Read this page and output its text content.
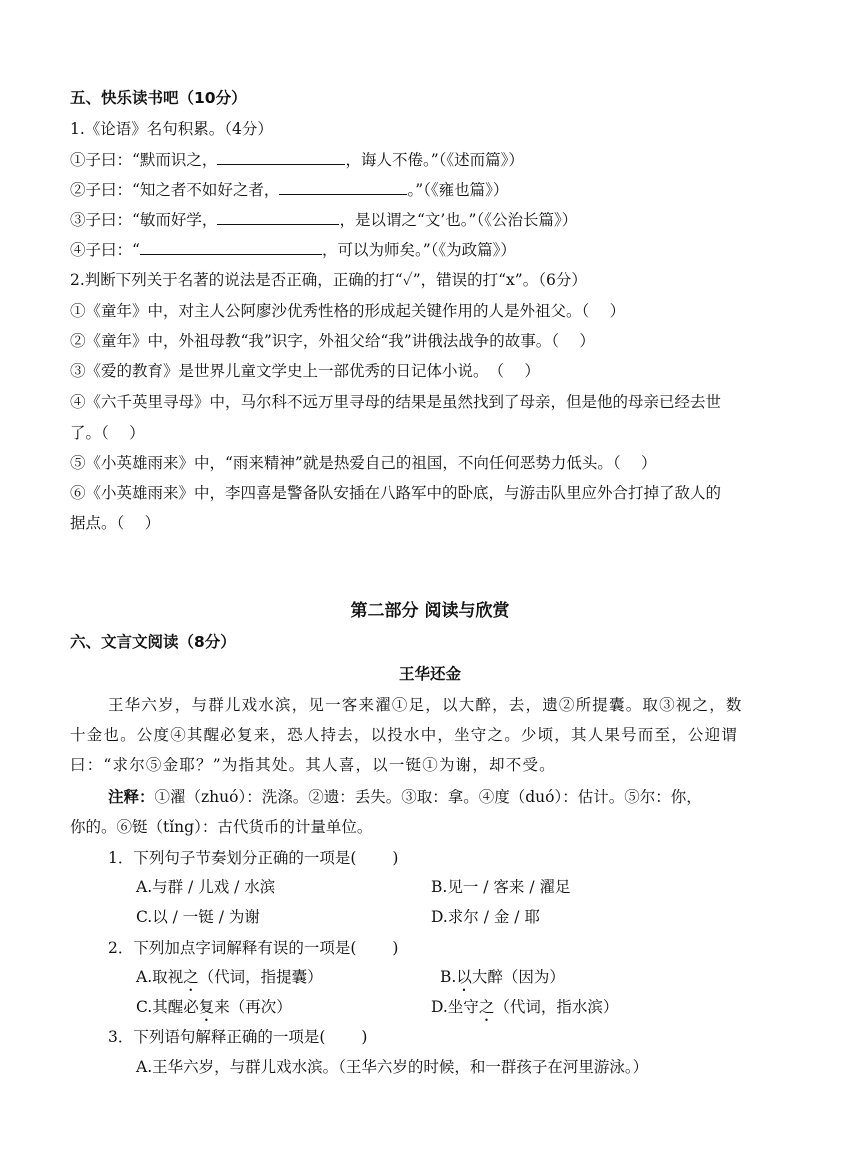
五、快乐读书吧（10分）
1.《论语》名句积累。（4分）
①子曰：“默而识之，	，诲人不倦。”（《述而篇》）
②子曰：“知之者不如好之者，	。”（《雍也篇》）
③子曰：“敏而好学，	，是以谓之“文’也。”（《公治长篇》）
④子曰：“	，可以为师矣。”（《为政篇》）
2.判断下列关于名著的说法是否正确，正确的打“✓”，错误的打“x”。（6分）
①《童年》中，对主人公阿廖沙优秀性格的形成起关键作用的人是外祖父。（　 ）
②《童年》中，外祖母教“我”识字，外祖父给“我”讲俄法战争的故事。（　 ）
③《爱的教育》是世界儿童文学史上一部优秀的日记体小说。　（　 ）
④《六千英里寻母》中，马尔科不远万里寻母的结果是虽然找到了母亲，但是他的母亲已经去世
了。（　 ）
⑤《小英雄雨来》中，“雨来精神”就是热爱自己的祖国，不向任何恶势力低头。（　 ）
⑥《小英雄雨来》中，李四喜是警备队安插在八路军中的卧底，与游击队里应外合打掉了敌人的
据点。（　 ）
第二部分 阅读与欣赏
六、文言文阅读（8分）
王华还金
王华六岁，与群儿戏水滨，见一客来濯①足，以大醉，去，遗②所提囊。取③视之，数
十金也。公度④其醒必复来，恐人持去，以投水中，坐守之。少顷，其人果号而至，公迎谓
曰：“求尔⑤金耶？”为指其处。其人喜，以一铤①为谢，却不受。
注释：①濯（zhuó）：洗涤。②遗：丢失。③取：拿。④度（duó）：估计。⑤尔：你，
你的。⑥铤（tǐng）：古代货币的计量单位。
1．下列句子节奏划分正确的一项是(　　 )
A.与群 / 儿戏 / 水滨	B.见一 / 客来 / 濯足
C.以 / 一铤 / 为谢	D.求尔 / 金 / 耶
2．下列加点字词解释有误的一项是(　　 )
A.取视之（代词，指提囊）	B.以大醉（因为）
C.其醒必复来（再次）	D.坐守之（代词，指水滨）
3．下列语句解释正确的一项是(　　 )
A.王华六岁，与群儿戏水滨。（王华六岁的时候，和一群孩子在河里游泳。）
